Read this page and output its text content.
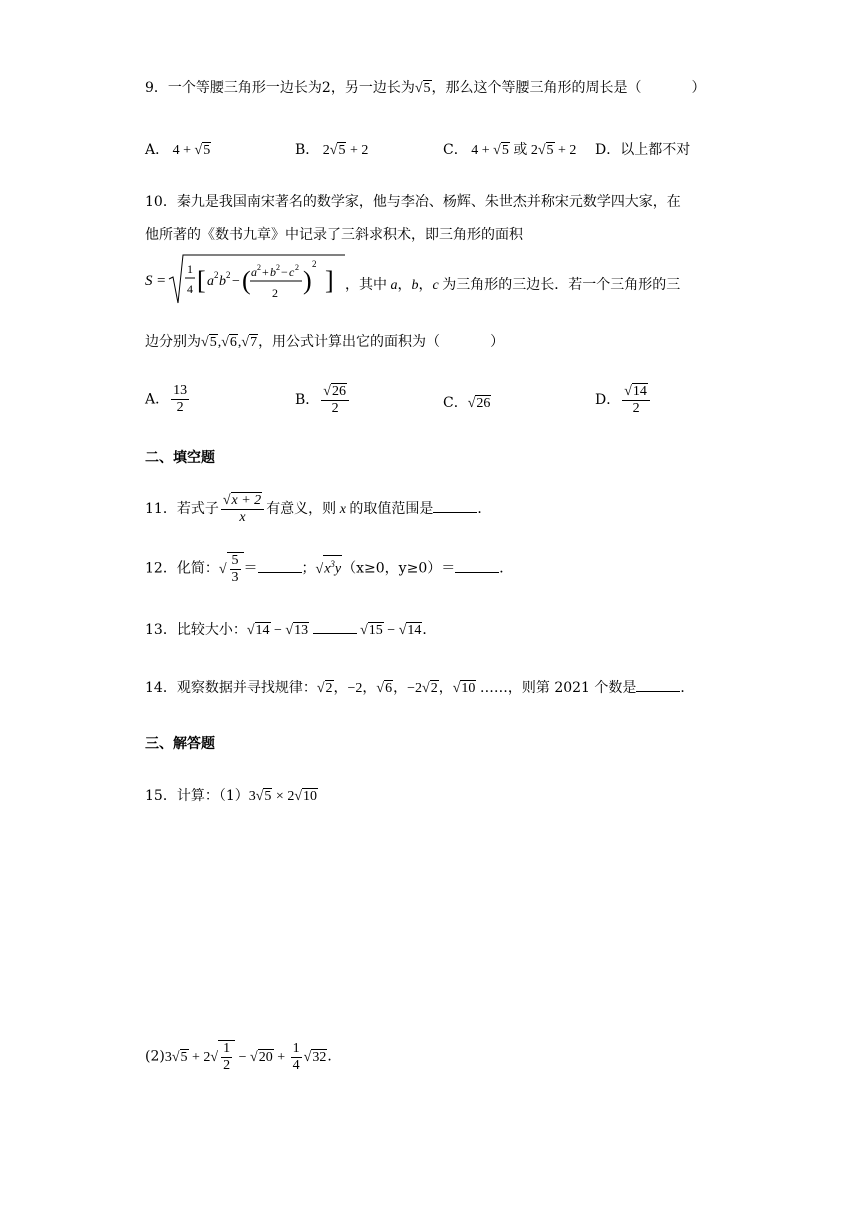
9．一个等腰三角形一边长为2，另一边长为√5，那么这个等腰三角形的周长是（	）
A． 4 + √5	B． 2√5 + 2	C． 4 + √5 或 2√5 + 2 D．以上都不对
10．秦九是我国南宋著名的数学家，他与李冶、杨辉、朱世杰并称宋元数学四大家，在
他所著的《数书九章》中记录了三斜求积术，即三角形的面积
S =
1
4 [ a 2 b 2 − ( a 2 + b 2 − c 2
2 )
2
] ，其中 a，b，c 为三角形的三边长．若一个三角形的三
边分别为√5,√6,√7，用公式计算出它的面积为（	）
A． $\frac{13}{2}$	B． $\frac{√26}{2}$	C．√26	D． $\frac{√14}{2}$
二、填空题
11．若式子 $\frac{√x + 2}{x}$ 有意义，则 x 的取值范围是	．
12．化简：√ $\frac{5}{3}$ ＝	；$√x^3y(x\ge 0$，y≥0）＝	．
13．比较大小：√14 − √13	√15 − √14．
14．观察数据并寻找规律：√2，−2，√6，−2√2，√10 ……，则第 2021 个数是	．
三、解答题
15．计算：（1）3√5 × 2√10
$(2)3√5 + 2√ \frac{1}{2} - √20 + \frac{1}{4} √32$．
